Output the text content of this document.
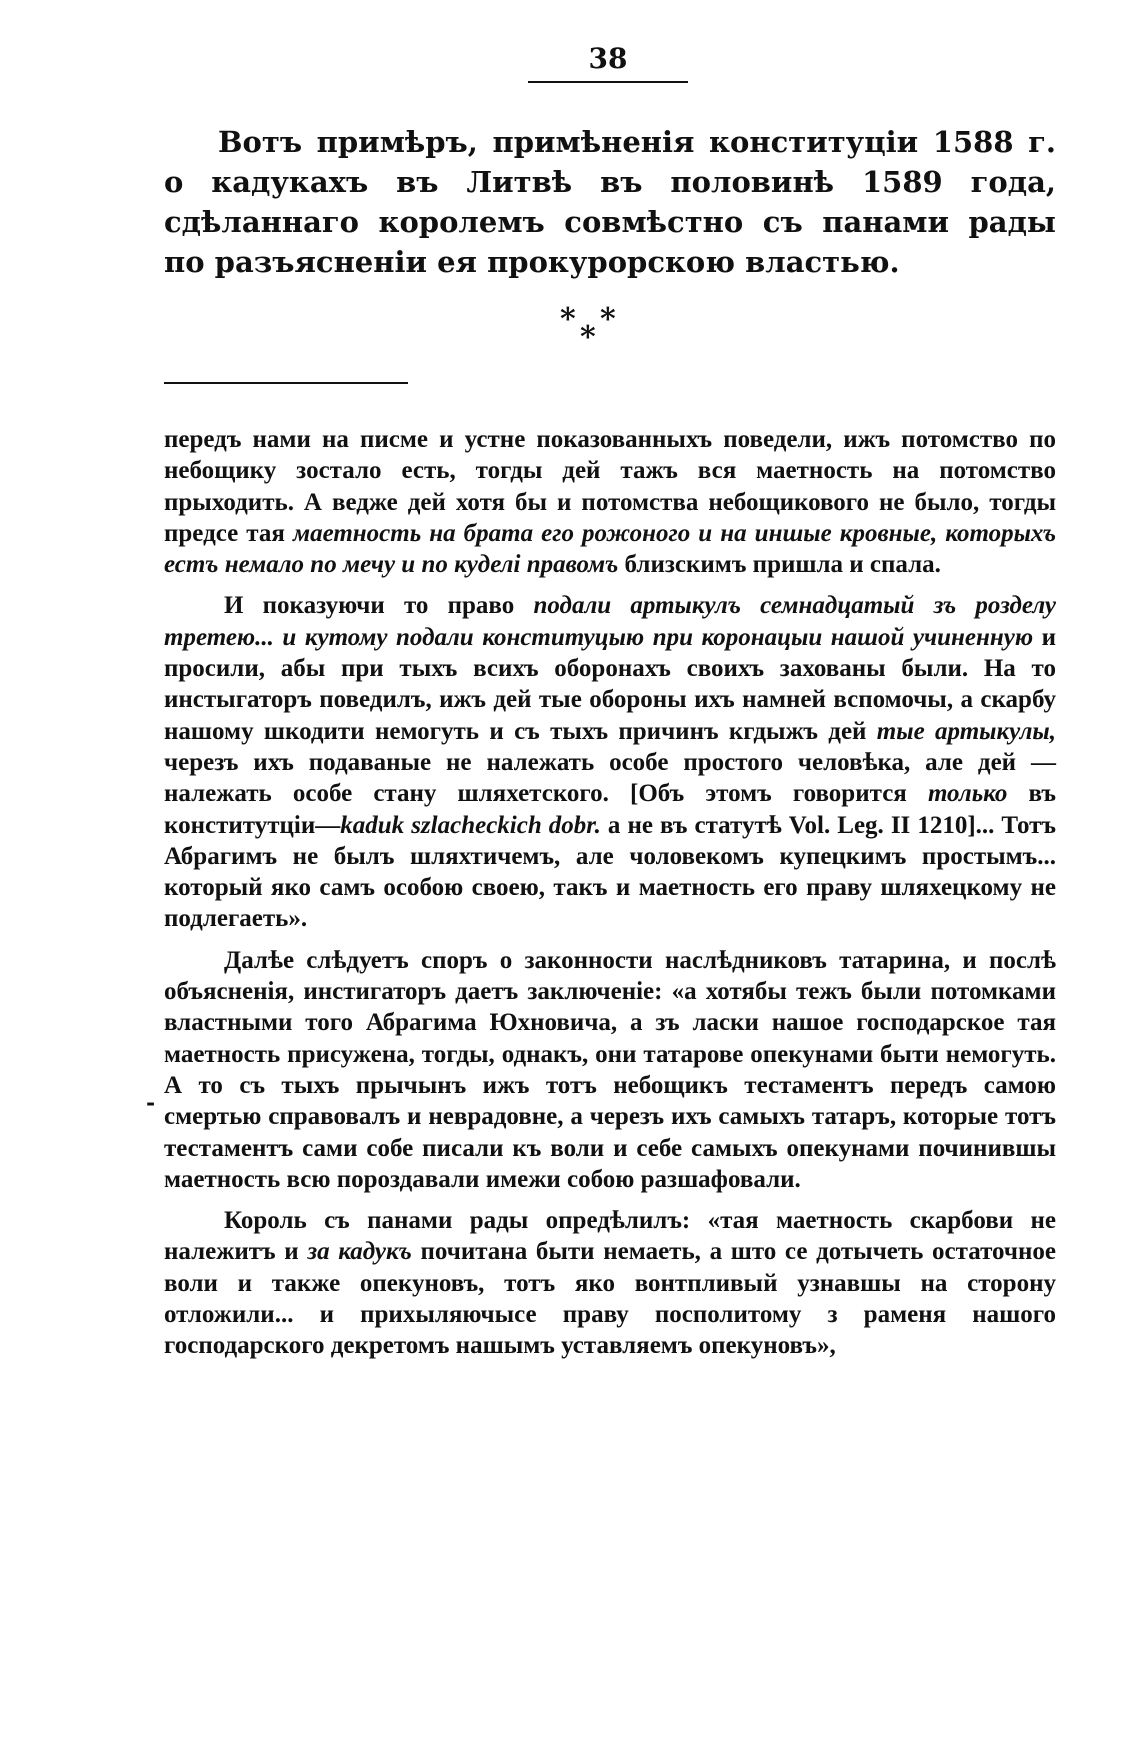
38

Вотъ примѣръ, примѣненія конституціи 1588 г. о кадукахъ въ Литвѣ въ половинѣ 1589 года, сдѣланнаго королемъ совмѣстно съ панами рады по разъясненіи ея прокурорскою властью.

* *
*
-

передъ нами на писме и устне показованныхъ поведели, ижъ потомство по небощику зостало есть, тогды дей тажъ вся маетность на потомство прыходить. А ведже дей хотя бы и потомства небощикового не было, тогды предсе тая маетность на брата его рожоного и на иншые кровные, которыхъ естъ немало по мечу и по куделі правомъ близскимъ пришла и спала.

И показуючи то право подали артыкулъ семнадцатый зъ розделу третею... и кутому подали конституцыю при коронацыи нашой учиненную и просили, абы при тыхъ всихъ оборонахъ своихъ захованы были. На то инстыгаторъ поведилъ, ижъ дей тые обороны ихъ намней вспомочы, а скарбу нашому шкодити немогуть и съ тыхъ причинъ кгдыжъ дей тые артыкулы, черезъ ихъ подаваные не належать особе простого человѣка, але дей — належать особе стану шляхетского. [Объ этомъ говорится только въ конститутціи—kaduk szlacheckich dobr. а не въ статутѣ Vol. Leg. II 1210]... Тотъ Абрагимъ не былъ шляхтичемъ, але чоловекомъ купецкимъ простымъ... который яко самъ особою своею, такъ и маетность его праву шляхецкому не подлегаеть».

Далѣе слѣдуетъ споръ о законности наслѣдниковъ татарина, и послѣ объясненія, инстигаторъ даетъ заключеніе: «а хотябы тежъ были потомками властными того Абрагима Юхновича, а зъ ласки нашое господарское тая маетность присужена, тогды, однакъ, они татарове опекунами быти немогуть. А то съ тыхъ прычынъ ижъ тотъ небощикъ тестаментъ передъ самою смертью справовалъ и неврадовне, а черезъ ихъ самыхъ татаръ, которые тотъ тестаментъ сами собе писали къ воли и себе самыхъ опекунами починившы маетность всю пороздавали имежи собою разшафовали.

Король съ панами рады опредѣлилъ: «тая маетность скарбови не належитъ и за кадукъ почитана быти немаеть, а што се дотычеть остаточное воли и также опекуновъ, тотъ яко вонтпливый узнавшы на сторону отложили... и прихыляючысе праву посполитому з раменя нашого господарского декретомъ нашымъ уставляемъ опекуновъ»,
